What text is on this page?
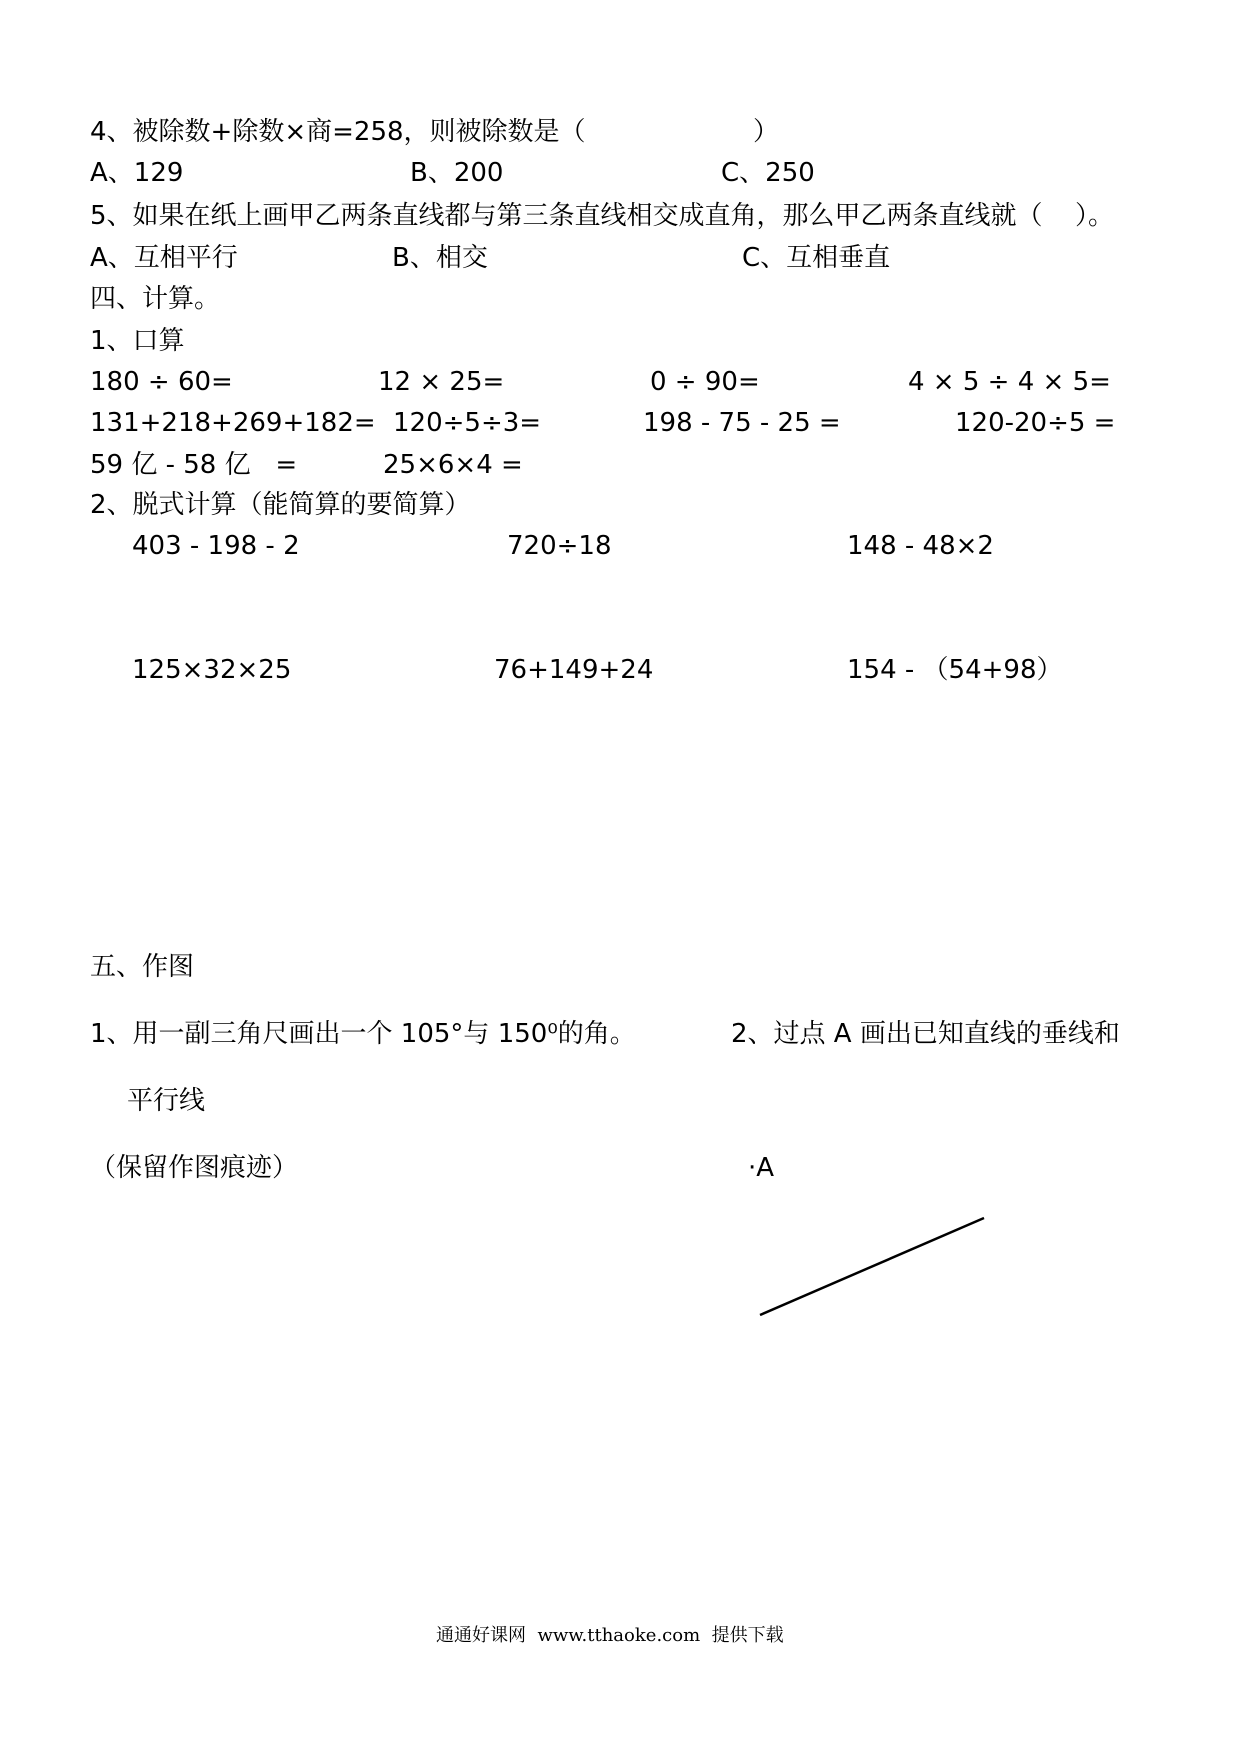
4、被除数+除数×商=258，则被除数是（	）
A、129	B、200	C、250
5、如果在纸上画甲乙两条直线都与第三条直线相交成直角，那么甲乙两条直线就（ ）。
A、互相平行	B、相交	C、互相垂直
四、计算。
1、口算
180 ÷ 60=	12 × 25=	0 ÷ 90=	4 × 5 ÷ 4 × 5=
131+218+269+182= 120÷5÷3=	198 - 75 - 25 =	120-20÷5 =
59 亿 - 58 亿   =	25×6×4 =
2、脱式计算（能简算的要简算）
403 - 198 - 2	720÷18	148 - 48×2
125×32×25	76+149+24	154 - （54+98）
五、作图
1、用一副三角尺画出一个 105°与 150⁰的角。	2、过点 A 画出已知直线的垂线和
平行线
（保留作图痕迹）	·A
通通好课网  www.tthaoke.com  提供下载
